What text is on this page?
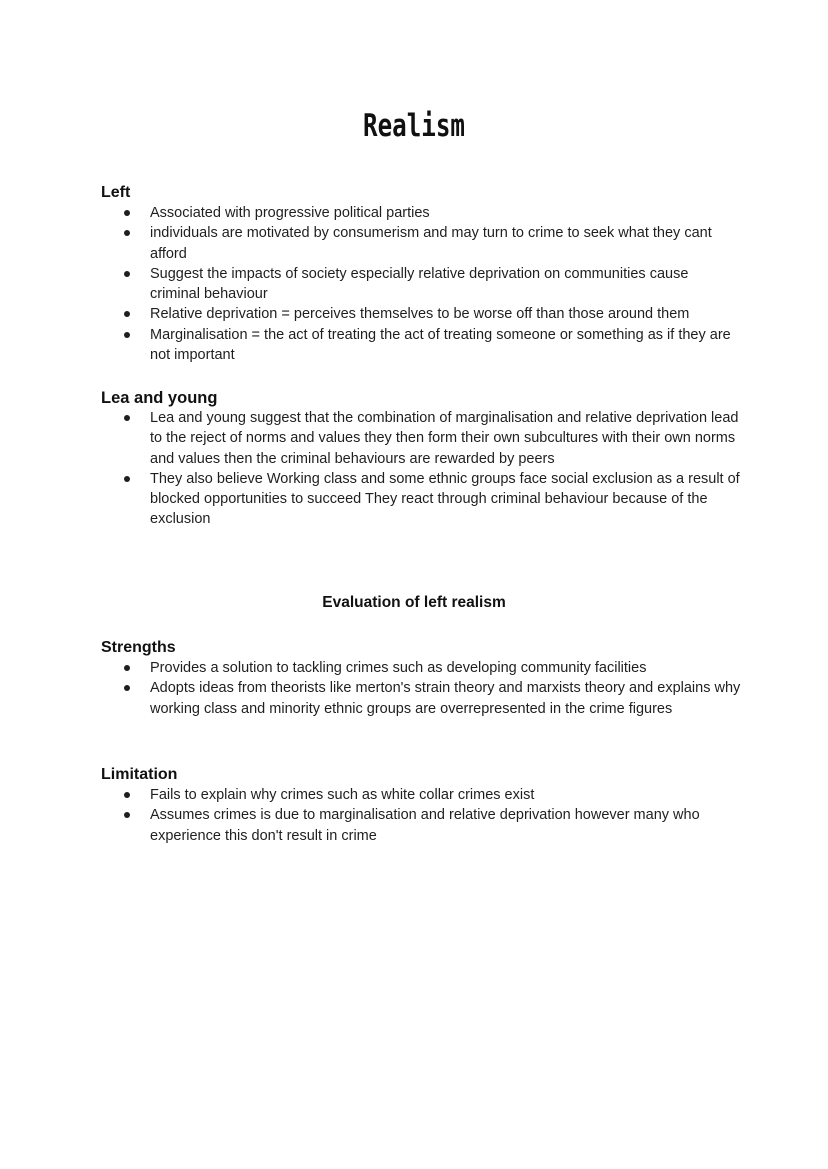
Realism
Left
Associated with progressive political parties
individuals are motivated by consumerism and may turn to crime to seek what they cant afford
Suggest the impacts of society especially relative deprivation on communities cause criminal behaviour
Relative deprivation = perceives themselves to be worse off than those around them
Marginalisation = the act of treating the act of treating someone or something as if they are not important
Lea and young
Lea and young suggest that the combination of marginalisation and relative deprivation lead to the reject of norms and values they then form their own subcultures with their own norms and values then the criminal behaviours are rewarded by peers
They also believe Working class and some ethnic groups face social exclusion as a result of blocked opportunities to succeed They react through criminal behaviour because of the exclusion
Evaluation of left realism
Strengths
Provides a solution to tackling crimes such as developing community facilities
Adopts ideas from theorists like merton's strain theory and marxists theory and explains why working class and minority ethnic groups are overrepresented in the crime figures
Limitation
Fails to explain why crimes such as white collar crimes exist
Assumes crimes is due to marginalisation and relative deprivation however many who experience this don't result in crime
